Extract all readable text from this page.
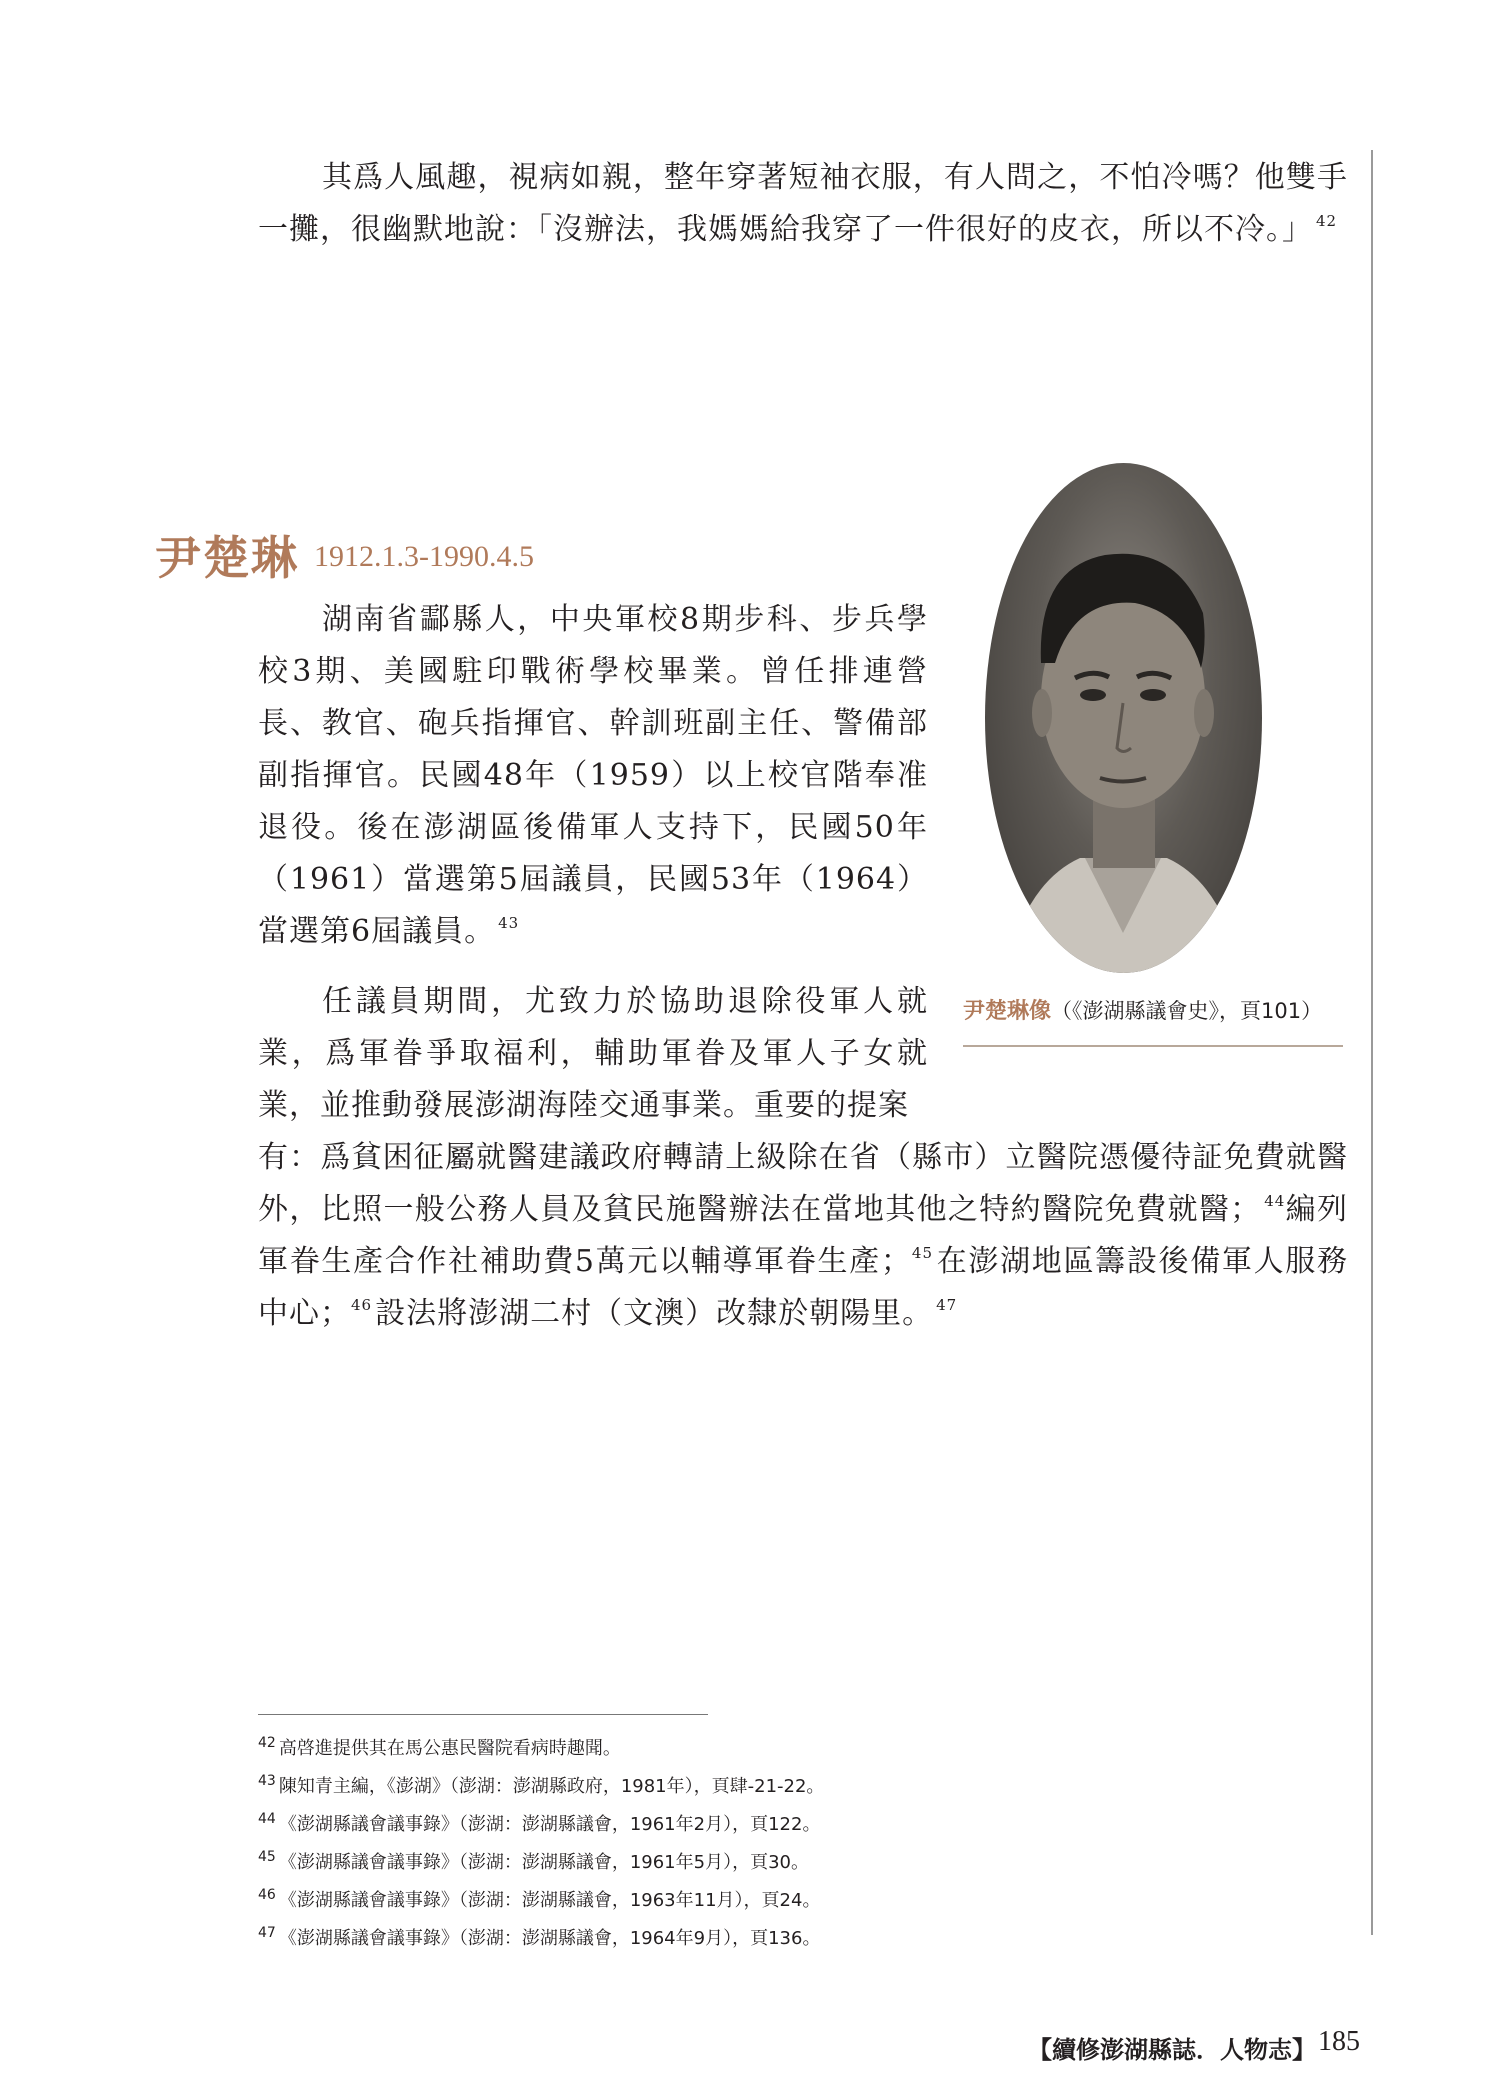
其爲人風趣，視病如親，整年穿著短袖衣服，有人問之，不怕冷嗎？他雙手一攤，很幽默地說：「沒辦法，我媽媽給我穿了一件很好的皮衣，所以不冷。」 $^{42}$

尹楚琳 1912.1.3-1990.4.5

湖南省酃縣人，中央軍校8期步科、步兵學校3期、美國駐印戰術學校畢業。曾任排連營長、教官、砲兵指揮官、幹訓班副主任、警備部副指揮官。民國48年（1959）以上校官階奉准退役。後在澎湖區後備軍人支持下，民國50年（1961）當選第5屆議員，民國53年（1964）當選第6屆議員。 $^{43}$

任議員期間，尤致力於協助退除役軍人就業，爲軍眷爭取福利，輔助軍眷及軍人子女就業，並推動發展澎湖海陸交通事業。重要的提案

有：爲貧困征屬就醫建議政府轉請上級除在省（縣市）立醫院憑優待証免費就醫外，比照一般公務人員及貧民施醫辦法在當地其他之特約醫院免費就醫； $^{44}$編列軍眷生產合作社補助費5萬元以輔導軍眷生產；$^{45}$ 在澎湖地區籌設後備軍人服務中心；$^{46}$ 設法將澎湖二村（文澳）改隸於朝陽里。 $^{47}$

尹楚琳像（《澎湖縣議會史》，頁101）
$^{42}$ 高啓進提供其在馬公惠民醫院看病時趣聞。
$^{43}$ 陳知青主編，《澎湖》（澎湖：澎湖縣政府，1981年），頁肆-21-22。
$^{44}$ 《澎湖縣議會議事錄》（澎湖：澎湖縣議會，1961年2月），頁122。
$^{45}$ 《澎湖縣議會議事錄》（澎湖：澎湖縣議會，1961年5月），頁30。
$^{46}$ 《澎湖縣議會議事錄》（澎湖：澎湖縣議會，1963年11月），頁24。
$^{47}$ 《澎湖縣議會議事錄》（澎湖：澎湖縣議會，1964年9月），頁136。
【續修澎湖縣誌．人物志】 185
